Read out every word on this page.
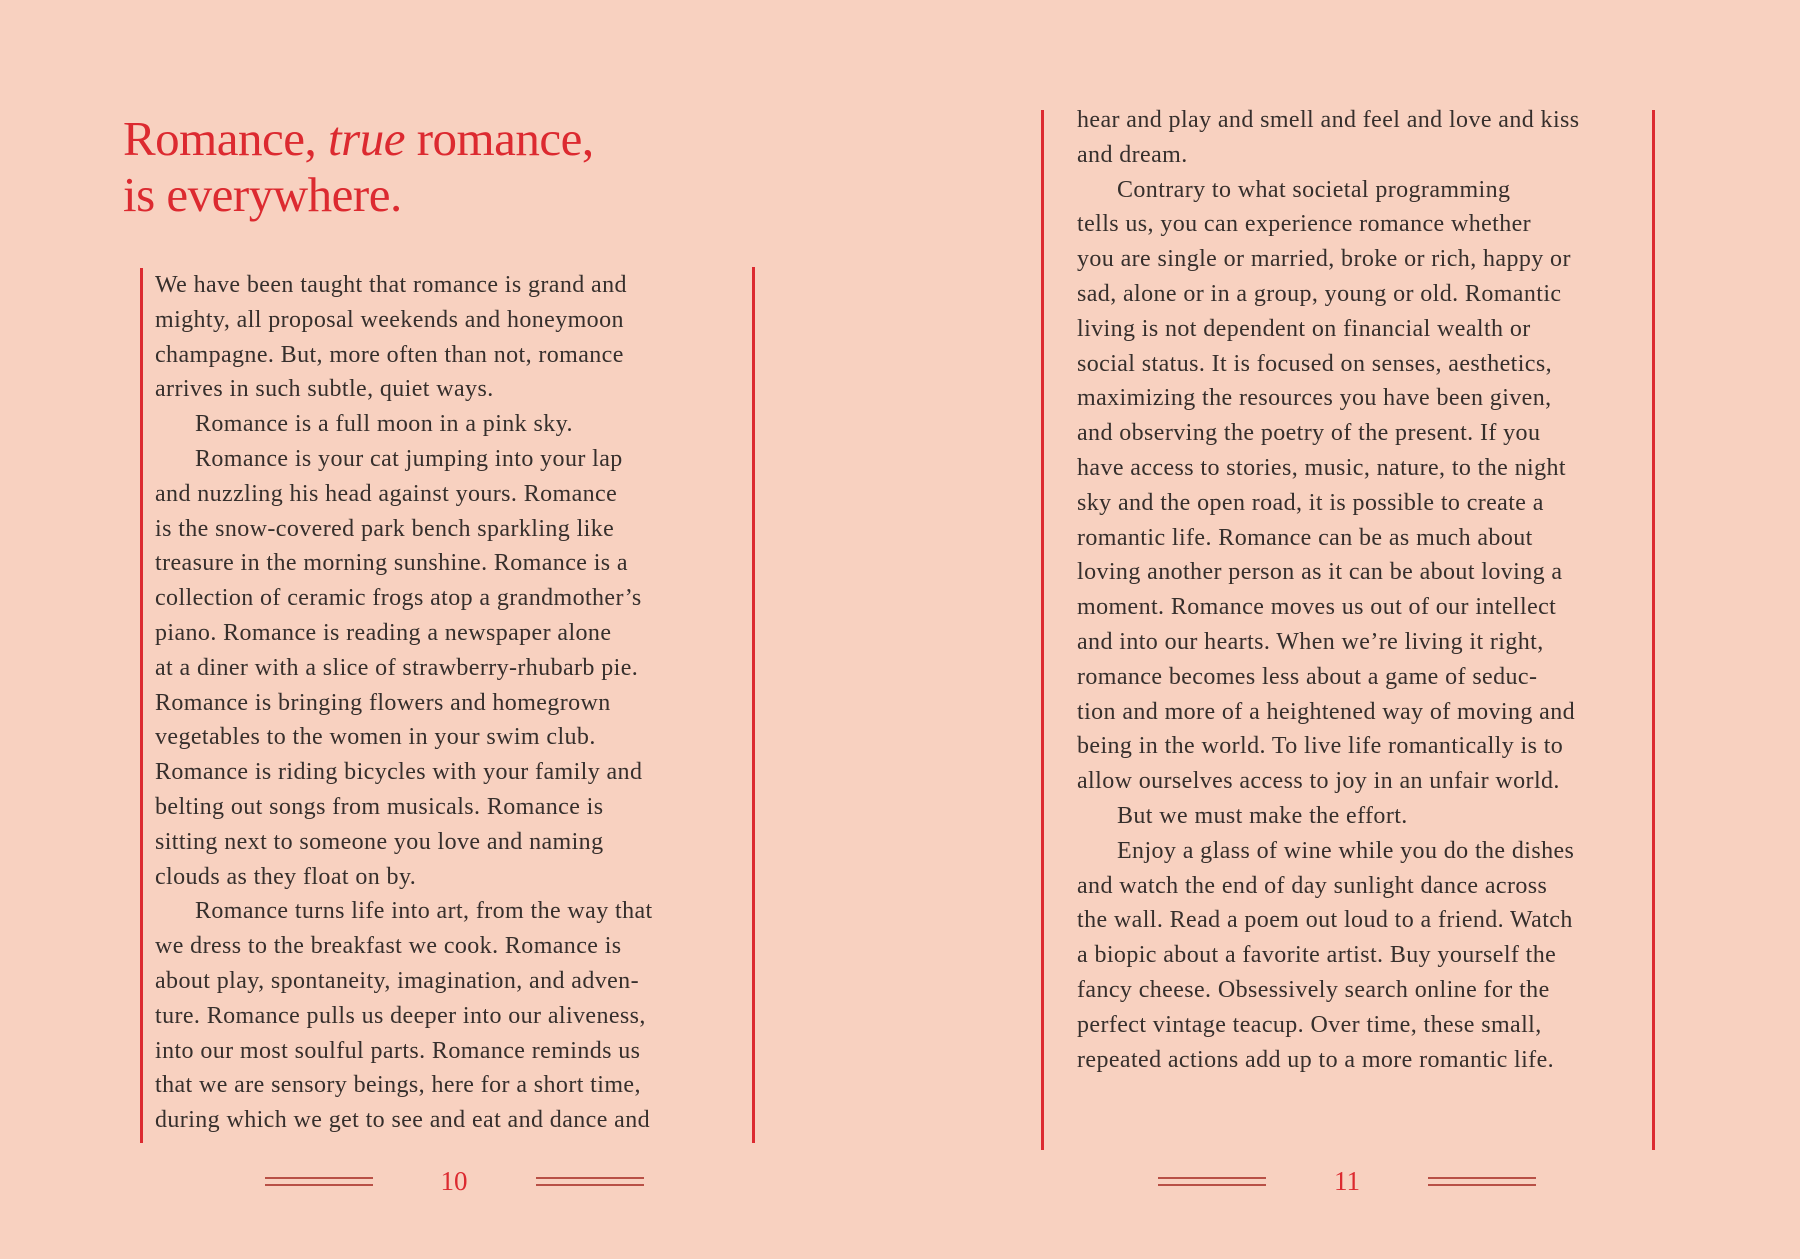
Romance, true romance,
is everywhere.
We have been taught that romance is grand and
mighty, all proposal weekends and honeymoon
champagne. But, more often than not, romance
arrives in such subtle, quiet ways.
Romance is a full moon in a pink sky.
Romance is your cat jumping into your lap
and nuzzling his head against yours. Romance
is the snow-covered park bench sparkling like
treasure in the morning sunshine. Romance is a
collection of ceramic frogs atop a grandmother’s
piano. Romance is reading a newspaper alone
at a diner with a slice of strawberry-rhubarb pie.
Romance is bringing flowers and homegrown
vegetables to the women in your swim club.
Romance is riding bicycles with your family and
belting out songs from musicals. Romance is
sitting next to someone you love and naming
clouds as they float on by.
Romance turns life into art, from the way that
we dress to the breakfast we cook. Romance is
about play, spontaneity, imagination, and adven-
ture. Romance pulls us deeper into our aliveness,
into our most soulful parts. Romance reminds us
that we are sensory beings, here for a short time,
during which we get to see and eat and dance and
10
hear and play and smell and feel and love and kiss
and dream.
Contrary to what societal programming
tells us, you can experience romance whether
you are single or married, broke or rich, happy or
sad, alone or in a group, young or old. Romantic
living is not dependent on financial wealth or
social status. It is focused on senses, aesthetics,
maximizing the resources you have been given,
and observing the poetry of the present. If you
have access to stories, music, nature, to the night
sky and the open road, it is possible to create a
romantic life. Romance can be as much about
loving another person as it can be about loving a
moment. Romance moves us out of our intellect
and into our hearts. When we’re living it right,
romance becomes less about a game of seduc-
tion and more of a heightened way of moving and
being in the world. To live life romantically is to
allow ourselves access to joy in an unfair world.
But we must make the effort.
Enjoy a glass of wine while you do the dishes
and watch the end of day sunlight dance across
the wall. Read a poem out loud to a friend. Watch
a biopic about a favorite artist. Buy yourself the
fancy cheese. Obsessively search online for the
perfect vintage teacup. Over time, these small,
repeated actions add up to a more romantic life.
11
